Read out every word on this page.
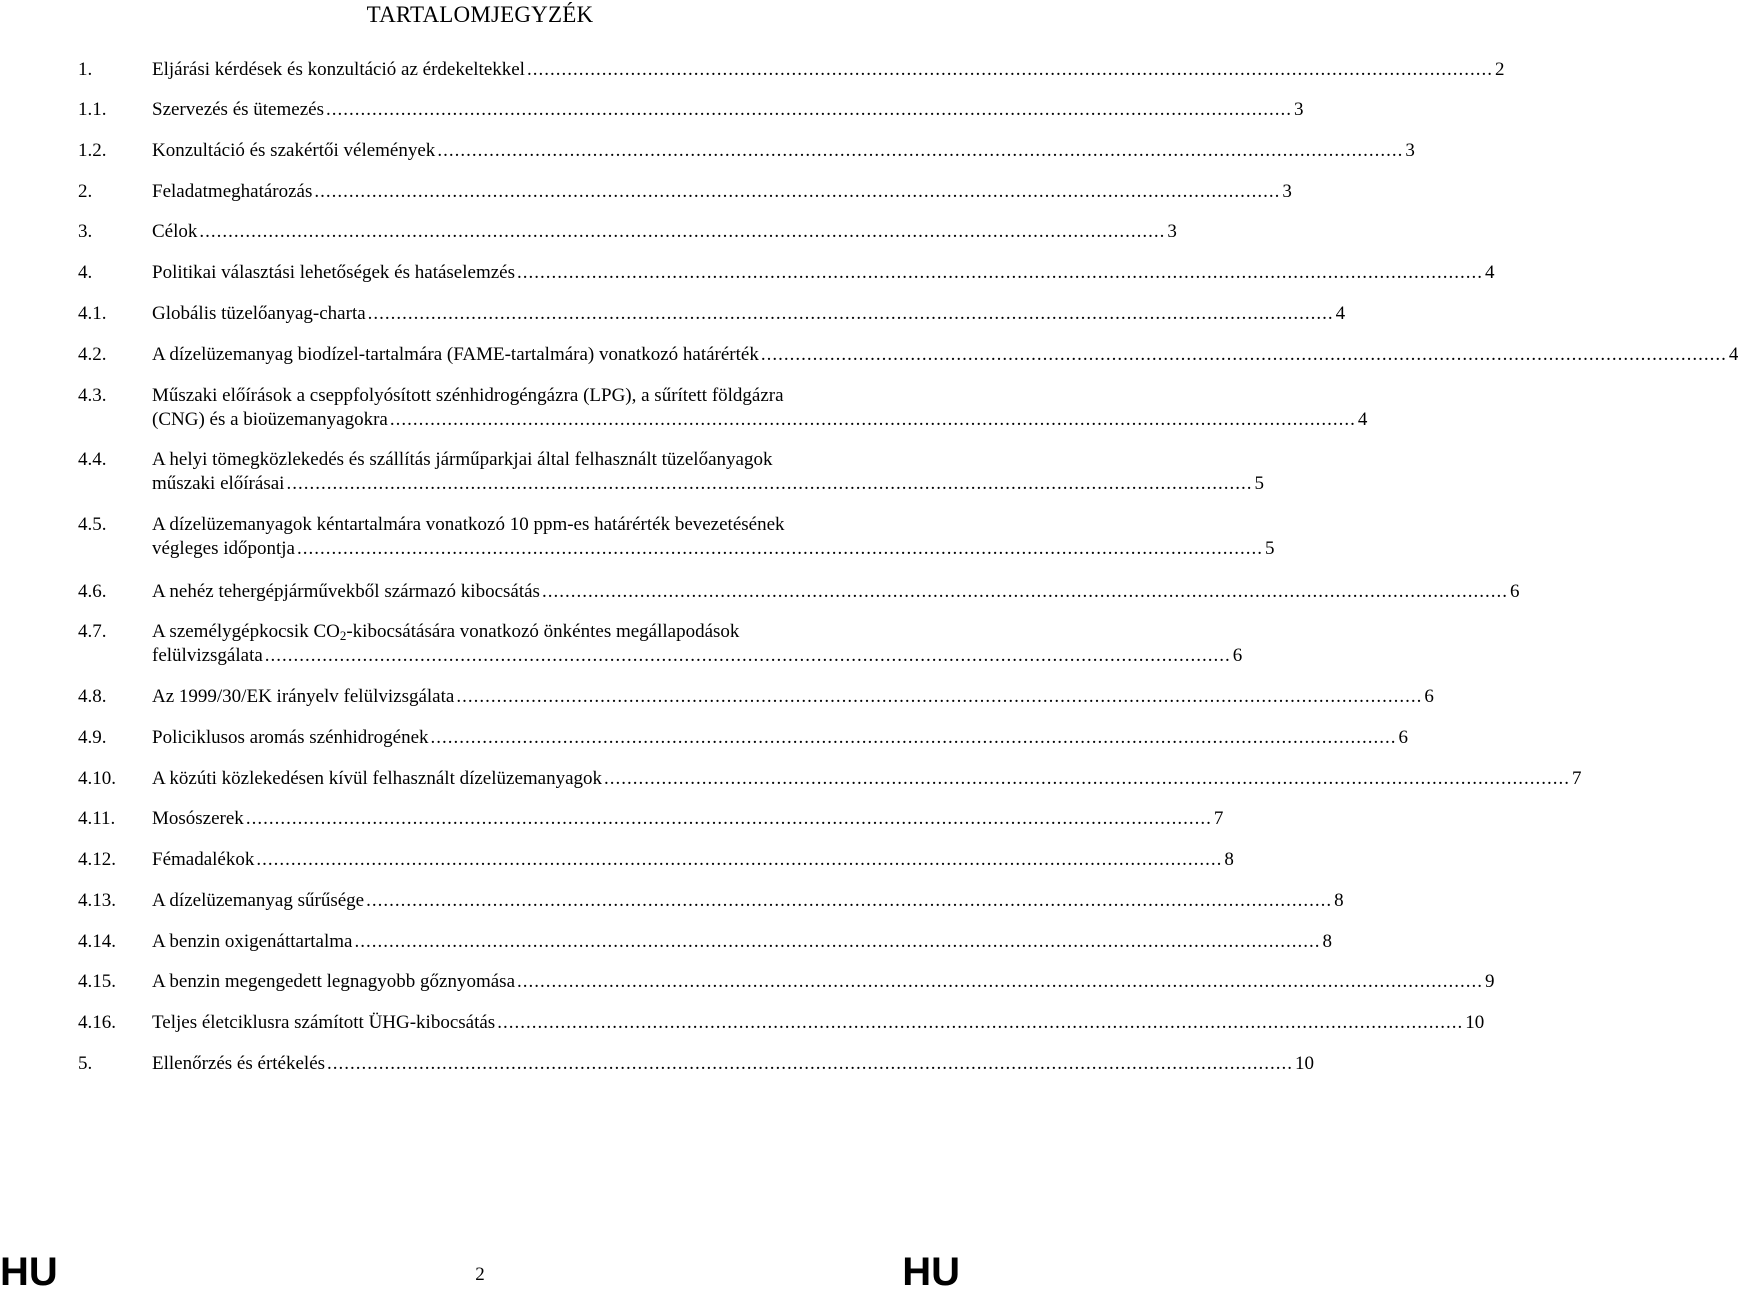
TARTALOMJEGYZÉK
1.	Eljárási kérdések és konzultáció az érdekeltekkel ........................................................................................................................................................................ 2
1.1.	Szervezés és ütemezés ........................................................................................................................................................................ 3
1.2.	Konzultáció és szakértői vélemények ........................................................................................................................................................................ 3
2.	Feladatmeghatározás ........................................................................................................................................................................ 3
3.	Célok ........................................................................................................................................................................ 3
4.	Politikai választási lehetőségek és hatáselemzés ........................................................................................................................................................................ 4
4.1.	Globális tüzelőanyag-charta ........................................................................................................................................................................ 4
4.2.	A dízelüzemanyag biodízel-tartalmára (FAME-tartalmára) vonatkozó határérték ........................................................................................................................................................................ 4
4.3.	Műszaki előírások a cseppfolyósított szénhidrogéngázra (LPG), a sűrített földgázra
(CNG) és a bioüzemanyagokra ........................................................................................................................................................................ 4
4.4.	A helyi tömegközlekedés és szállítás járműparkjai által felhasznált tüzelőanyagok
műszaki előírásai ........................................................................................................................................................................ 5
4.5.	A dízelüzemanyagok kéntartalmára vonatkozó 10 ppm-es határérték bevezetésének
végleges időpontja ........................................................................................................................................................................ 5
4.6.	A nehéz tehergépjárművekből származó kibocsátás ........................................................................................................................................................................ 6
4.7.	A személygépkocsik $CO_2$-kibocsátására vonatkozó önkéntes megállapodások
felülvizsgálata ........................................................................................................................................................................ 6
4.8.	Az 1999/30/EK irányelv felülvizsgálata ........................................................................................................................................................................ 6
4.9.	Policiklusos aromás szénhidrogének ........................................................................................................................................................................ 6
4.10.	A közúti közlekedésen kívül felhasznált dízelüzemanyagok ........................................................................................................................................................................ 7
4.11.	Mosószerek ........................................................................................................................................................................ 7
4.12.	Fémadalékok ........................................................................................................................................................................ 8
4.13.	A dízelüzemanyag sűrűsége ........................................................................................................................................................................ 8
4.14.	A benzin oxigenáttartalma ........................................................................................................................................................................ 8
4.15.	A benzin megengedett legnagyobb gőznyomása ........................................................................................................................................................................ 9
4.16.	Teljes életciklusra számított ÜHG-kibocsátás ........................................................................................................................................................................ 10
5.	Ellenőrzés és értékelés ........................................................................................................................................................................ 10
HU	2	HU
